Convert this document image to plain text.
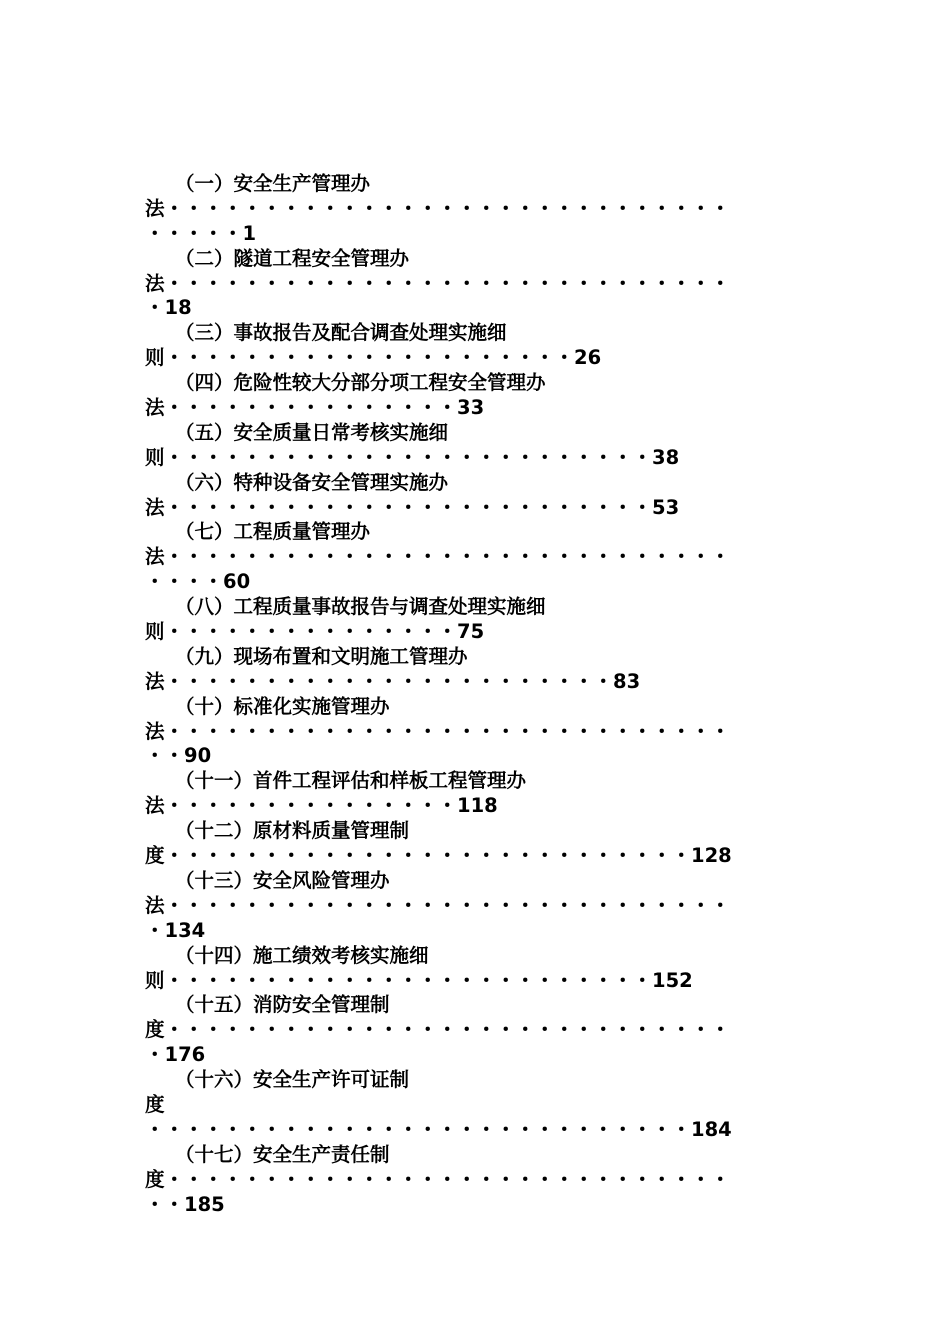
（一）安全生产管理办
法・・・・・・・・・・・・・・・・・・・・・・・・・・・・・
・・・・・1
（二）隧道工程安全管理办
法・・・・・・・・・・・・・・・・・・・・・・・・・・・・・
・18
（三）事故报告及配合调查处理实施细
则・・・・・・・・・・・・・・・・・・・・・26
（四）危险性较大分部分项工程安全管理办
法・・・・・・・・・・・・・・・33
（五）安全质量日常考核实施细
则・・・・・・・・・・・・・・・・・・・・・・・・・38
（六）特种设备安全管理实施办
法・・・・・・・・・・・・・・・・・・・・・・・・・53
（七）工程质量管理办
法・・・・・・・・・・・・・・・・・・・・・・・・・・・・・
・・・・60
（八）工程质量事故报告与调查处理实施细
则・・・・・・・・・・・・・・・75
（九）现场布置和文明施工管理办
法・・・・・・・・・・・・・・・・・・・・・・・83
（十）标准化实施管理办
法・・・・・・・・・・・・・・・・・・・・・・・・・・・・・
・・90
（十一）首件工程评估和样板工程管理办
法・・・・・・・・・・・・・・・118
（十二）原材料质量管理制
度・・・・・・・・・・・・・・・・・・・・・・・・・・・128
（十三）安全风险管理办
法・・・・・・・・・・・・・・・・・・・・・・・・・・・・・
・134
（十四）施工绩效考核实施细
则・・・・・・・・・・・・・・・・・・・・・・・・・152
（十五）消防安全管理制
度・・・・・・・・・・・・・・・・・・・・・・・・・・・・・
・176
（十六）安全生产许可证制
度
・・・・・・・・・・・・・・・・・・・・・・・・・・・・184
（十七）安全生产责任制
度・・・・・・・・・・・・・・・・・・・・・・・・・・・・・
・・185
